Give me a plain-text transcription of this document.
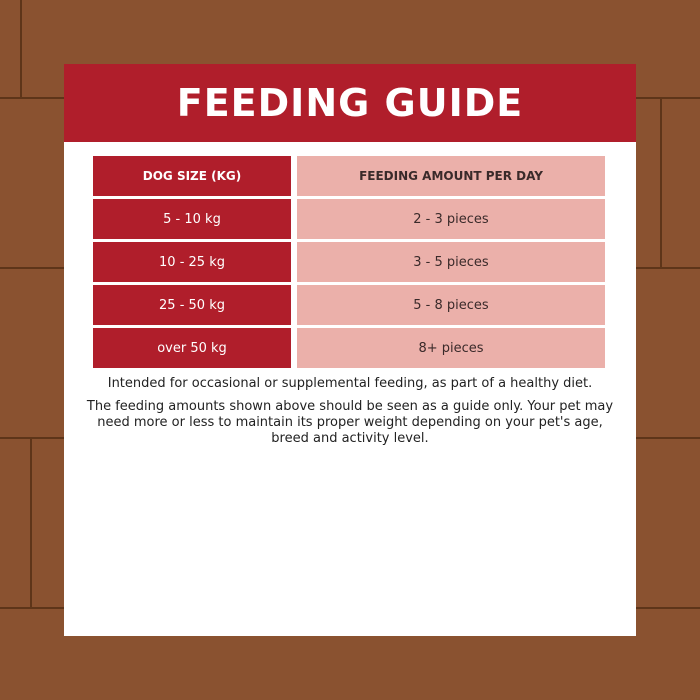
FEEDING GUIDE
DOG SIZE (KG)	FEEDING AMOUNT PER DAY
5 - 10 kg	2 - 3 pieces
10 - 25 kg	3 - 5 pieces
25 - 50 kg	5 - 8 pieces
over 50 kg	8+ pieces

Intended for occasional or supplemental feeding, as part of a healthy diet.

The feeding amounts shown above should be seen as a guide only. Your pet may need more or less to maintain its proper weight depending on your pet's age, breed and activity level.
